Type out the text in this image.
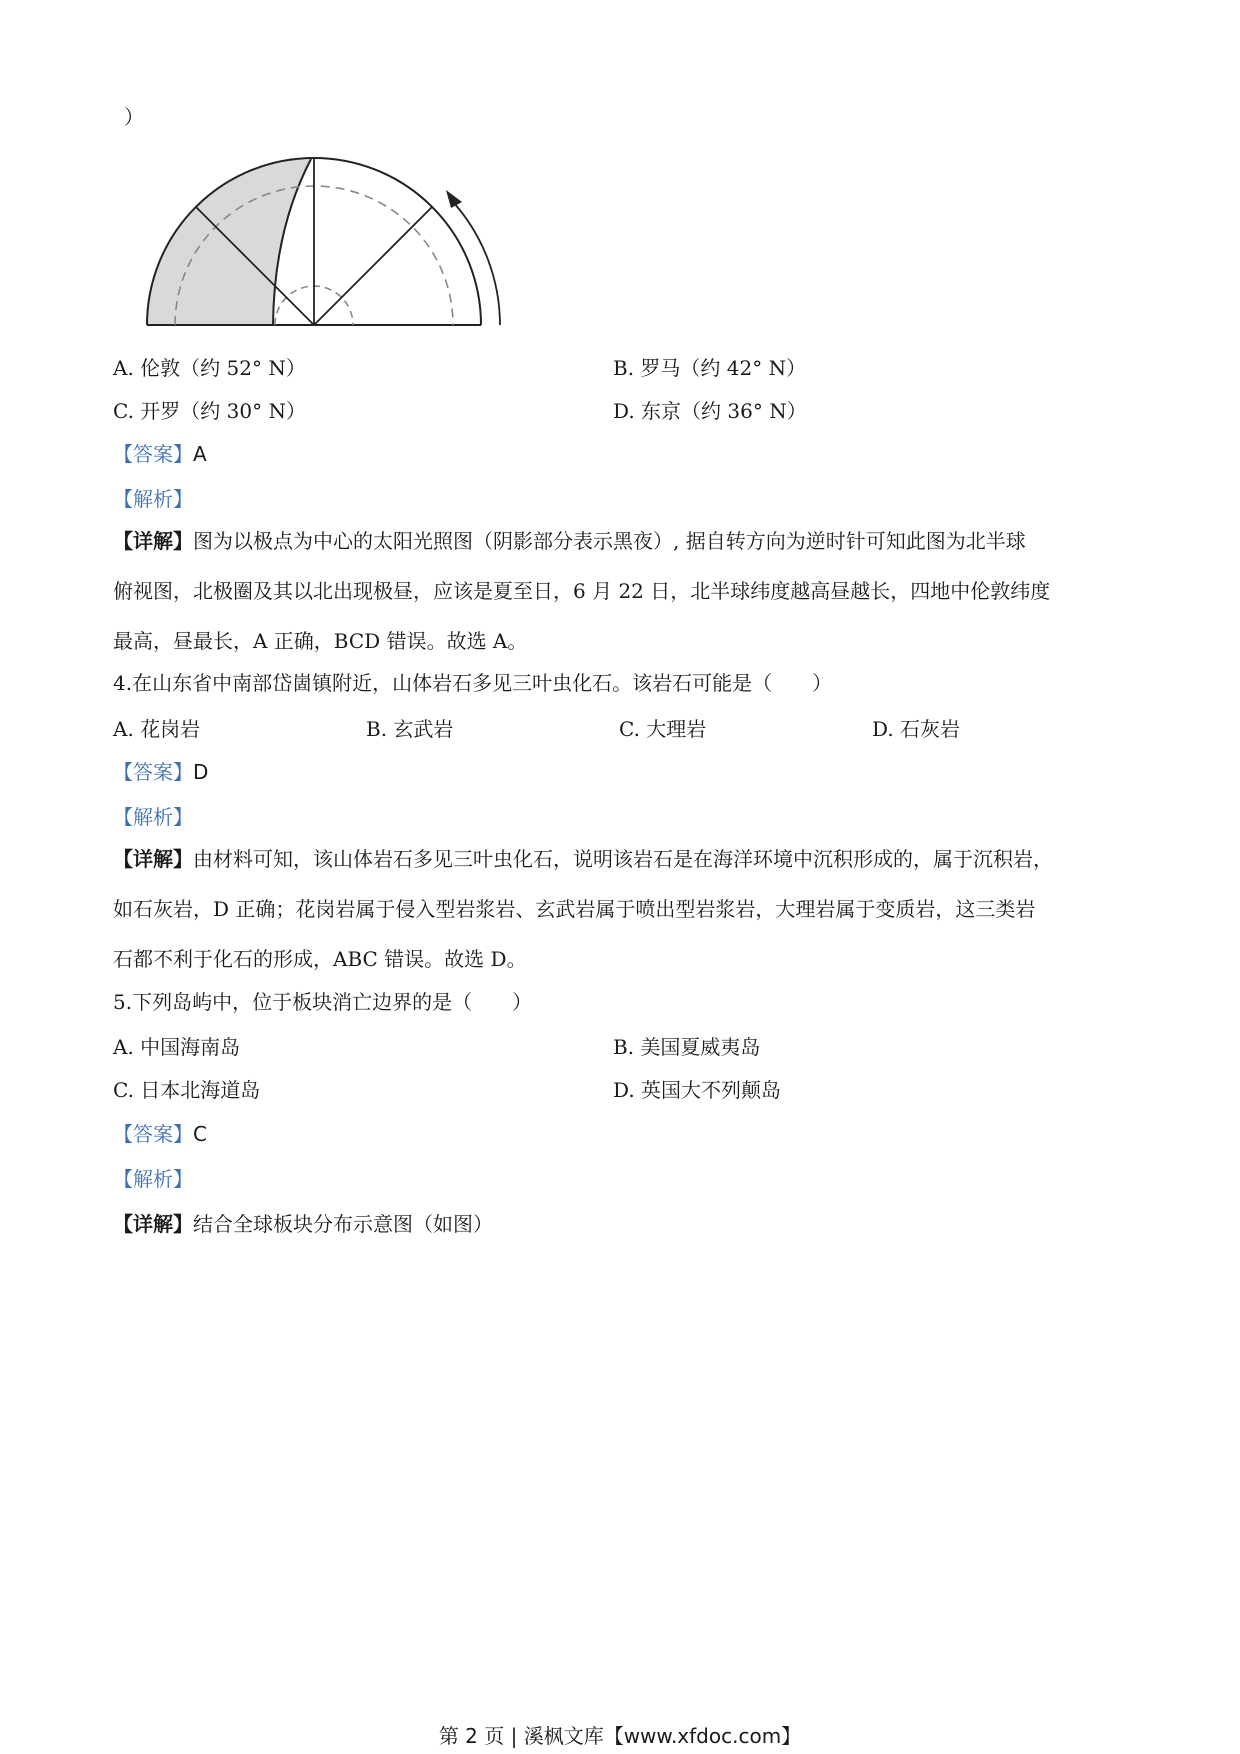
）
A. 伦敦（约 52° N）	B. 罗马（约 42° N）
C. 开罗（约 30° N）	D. 东京（约 36° N）
【答案】A
【解析】
【详解】图为以极点为中心的太阳光照图（阴影部分表示黑夜）, 据自转方向为逆时针可知此图为北半球
俯视图，北极圈及其以北出现极昼，应该是夏至日，6 月 22 日，北半球纬度越高昼越长，四地中伦敦纬度
最高，昼最长，A 正确，BCD 错误。故选 A。
4.在山东省中南部岱崮镇附近，山体岩石多见三叶虫化石。该岩石可能是（　　）
A. 花岗岩	B. 玄武岩	C. 大理岩	D. 石灰岩
【答案】D
【解析】
【详解】由材料可知，该山体岩石多见三叶虫化石，说明该岩石是在海洋环境中沉积形成的，属于沉积岩，
如石灰岩，D 正确；花岗岩属于侵入型岩浆岩、玄武岩属于喷出型岩浆岩，大理岩属于变质岩，这三类岩
石都不利于化石的形成，ABC 错误。故选 D。
5.下列岛屿中，位于板块消亡边界的是（　　）
A. 中国海南岛	B. 美国夏威夷岛
C. 日本北海道岛	D. 英国大不列颠岛
【答案】C
【解析】
【详解】结合全球板块分布示意图（如图）
第 2 页 | 溪枫文库【www.xfdoc.com】
